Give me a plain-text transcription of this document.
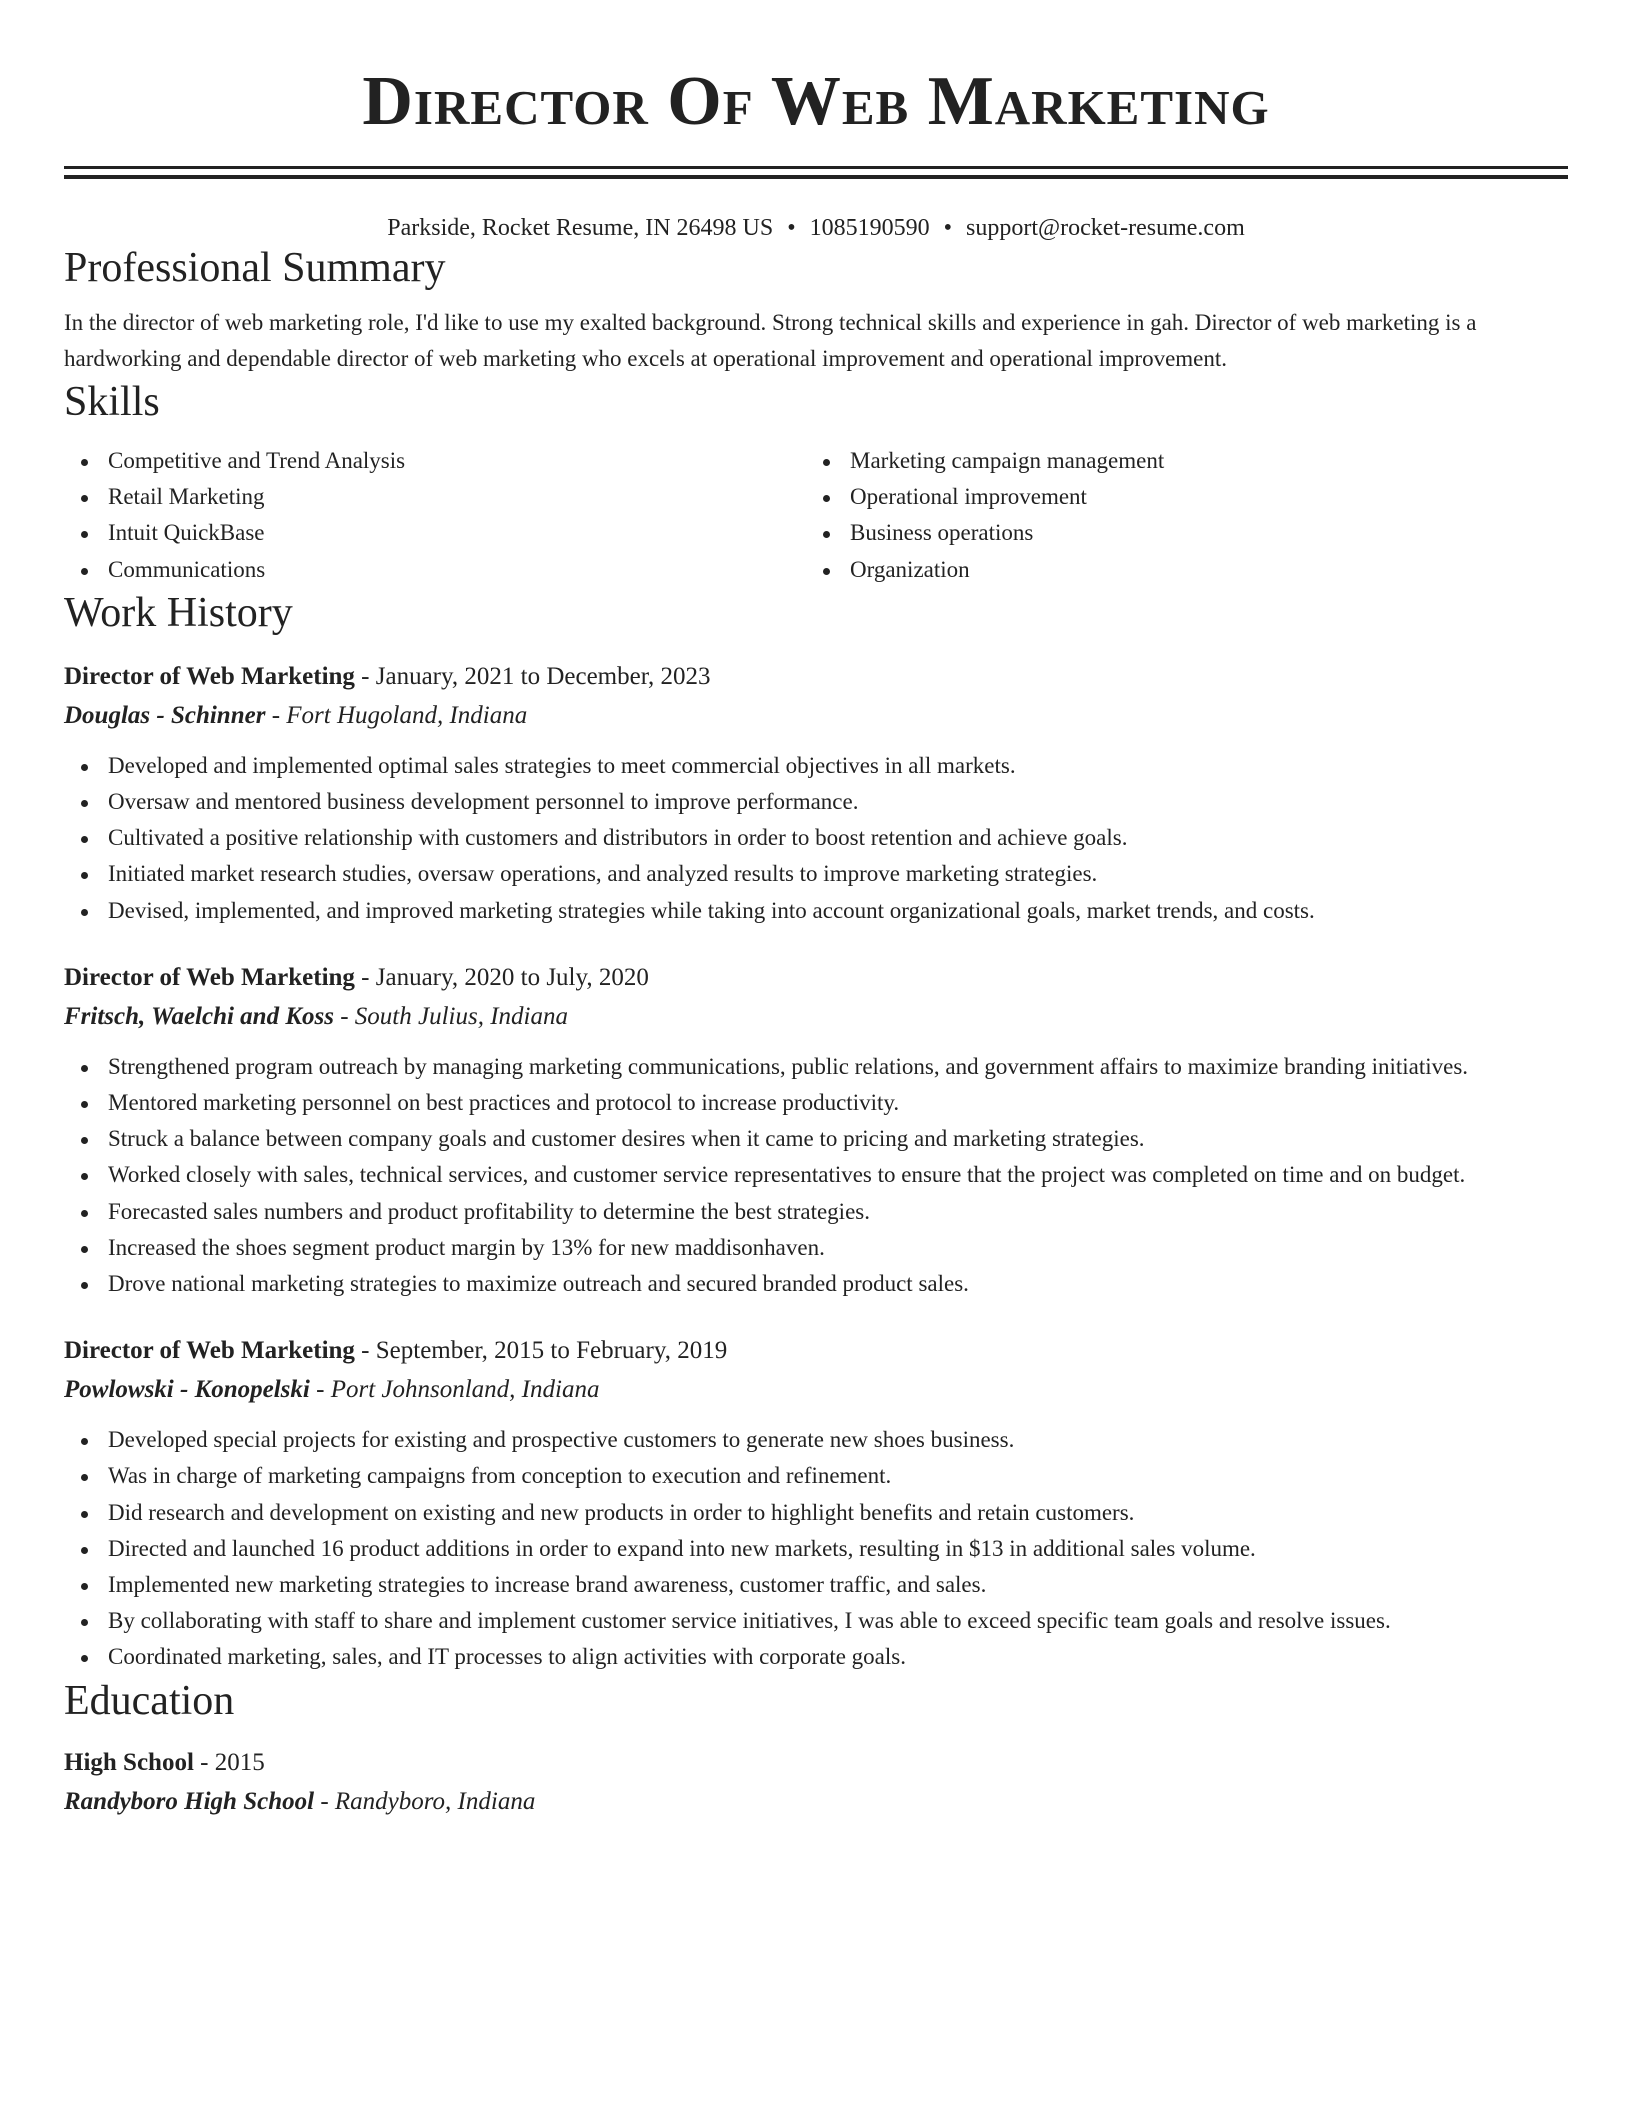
Director Of Web Marketing
Parkside, Rocket Resume, IN 26498 US • 1085190590 • support@rocket-resume.com
Professional Summary
In the director of web marketing role, I'd like to use my exalted background. Strong technical skills and experience in gah. Director of web marketing is a hardworking and dependable director of web marketing who excels at operational improvement and operational improvement.
Skills
Competitive and Trend Analysis
Retail Marketing
Intuit QuickBase
Communications
Marketing campaign management
Operational improvement
Business operations
Organization
Work History
Director of Web Marketing - January, 2021 to December, 2023
Douglas - Schinner - Fort Hugoland, Indiana
Developed and implemented optimal sales strategies to meet commercial objectives in all markets.
Oversaw and mentored business development personnel to improve performance.
Cultivated a positive relationship with customers and distributors in order to boost retention and achieve goals.
Initiated market research studies, oversaw operations, and analyzed results to improve marketing strategies.
Devised, implemented, and improved marketing strategies while taking into account organizational goals, market trends, and costs.
Director of Web Marketing - January, 2020 to July, 2020
Fritsch, Waelchi and Koss - South Julius, Indiana
Strengthened program outreach by managing marketing communications, public relations, and government affairs to maximize branding initiatives.
Mentored marketing personnel on best practices and protocol to increase productivity.
Struck a balance between company goals and customer desires when it came to pricing and marketing strategies.
Worked closely with sales, technical services, and customer service representatives to ensure that the project was completed on time and on budget.
Forecasted sales numbers and product profitability to determine the best strategies.
Increased the shoes segment product margin by 13% for new maddisonhaven.
Drove national marketing strategies to maximize outreach and secured branded product sales.
Director of Web Marketing - September, 2015 to February, 2019
Powlowski - Konopelski - Port Johnsonland, Indiana
Developed special projects for existing and prospective customers to generate new shoes business.
Was in charge of marketing campaigns from conception to execution and refinement.
Did research and development on existing and new products in order to highlight benefits and retain customers.
Directed and launched 16 product additions in order to expand into new markets, resulting in $13 in additional sales volume.
Implemented new marketing strategies to increase brand awareness, customer traffic, and sales.
By collaborating with staff to share and implement customer service initiatives, I was able to exceed specific team goals and resolve issues.
Coordinated marketing, sales, and IT processes to align activities with corporate goals.
Education
High School - 2015
Randyboro High School - Randyboro, Indiana
